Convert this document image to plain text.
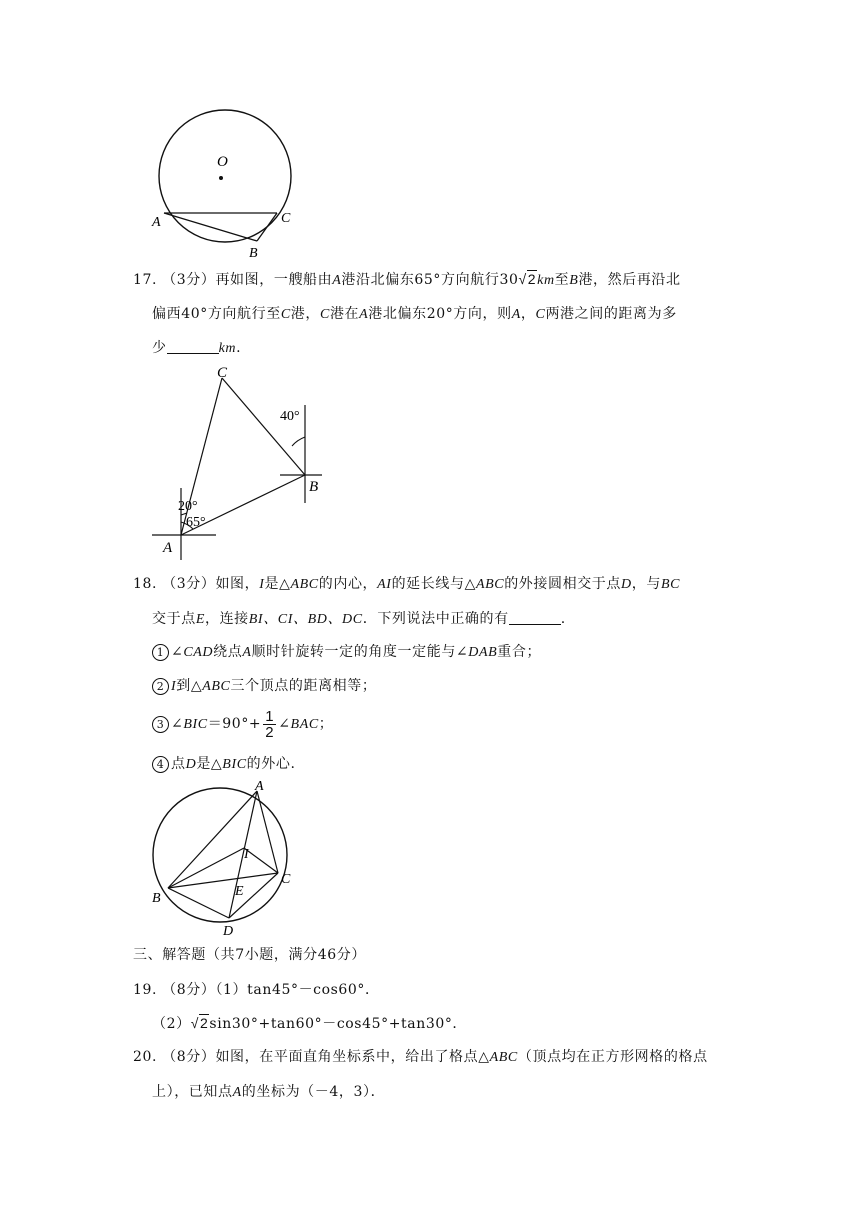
O
A	C
B
17. （3分）再如图，一艘船由A港沿北偏东65°方向航行30√2km至B港，然后再沿北
偏西40°方向航行至C港，C港在A港北偏东20°方向，则A，C两港之间的距离为多
少	km.
C
B
A
40°
20°
65°
18. （3分）如图，I是△ABC的内心，AI的延长线与△ABC的外接圆相交于点D，与BC
交于点E，连接BI、CI、BD、DC．下列说法中正确的有	.
1 ∠CAD绕点A顺时针旋转一定的角度一定能与∠DAB重合；
2 I到△ABC三个顶点的距离相等；
3 ∠BIC＝90°+ $\frac{1}{2}$ ∠BAC；
4 点D是△BIC的外心.
A
I
B
C
E
D
三、解答题（共7小题，满分46分）
19. （8分）（1）tan45°－cos60°．
（2）√2sin30°+tan60°－cos45°+tan30°．
20. （8分）如图，在平面直角坐标系中，给出了格点△ABC（顶点均在正方形网格的格点
上），已知点A的坐标为（－4，3）．
